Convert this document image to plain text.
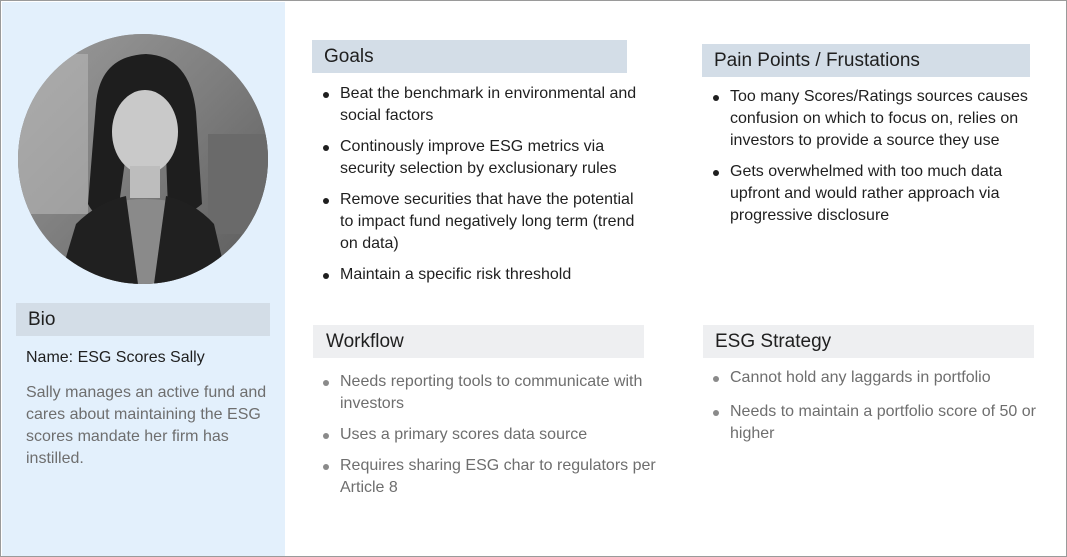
Bio
Name: ESG Scores Sally
Sally manages an active fund and cares about maintaining the ESG scores mandate her firm has instilled.
Goals
Beat the benchmark in environmental and social factors
Continously improve ESG metrics via security selection by exclusionary rules
Remove securities that have the potential to impact fund negatively long term (trend on data)
Maintain a specific risk threshold
Pain Points / Frustations
Too many Scores/Ratings sources causes confusion on which to focus on, relies on investors to provide a source they use
Gets overwhelmed with too much data upfront and would rather approach via progressive disclosure
Workflow
Needs reporting tools to communicate with investors
Uses a primary scores data source
Requires sharing ESG char to regulators per Article 8
ESG Strategy
Cannot hold any laggards in portfolio
Needs to maintain a portfolio score of 50 or higher
